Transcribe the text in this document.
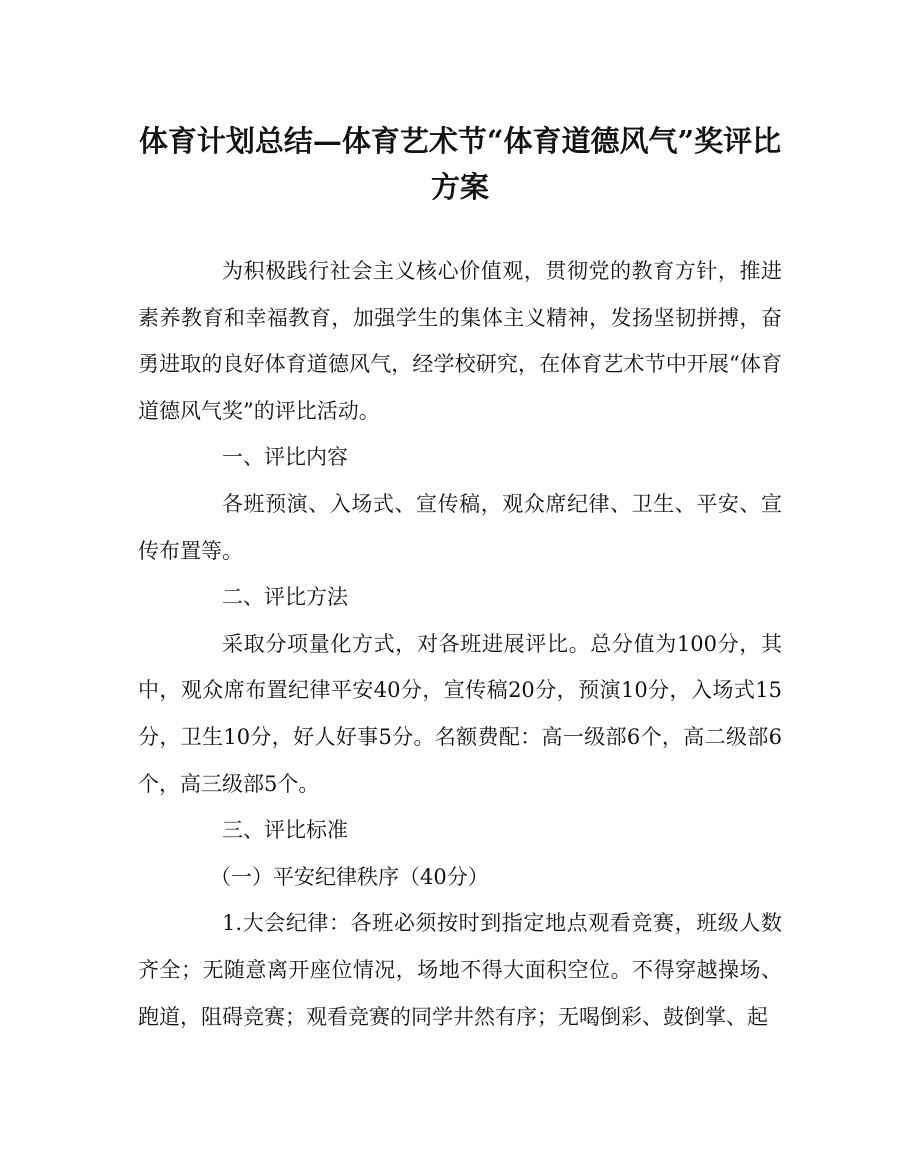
体育计划总结—体育艺术节“体育道德风气”奖评比方案

为积极践行社会主义核心价值观，贯彻党的教育方针，推进素养教育和幸福教育，加强学生的集体主义精神，发扬坚韧拼搏，奋勇进取的良好体育道德风气，经学校研究，在体育艺术节中开展“体育道德风气奖”的评比活动。

一、评比内容

各班预演、入场式、宣传稿，观众席纪律、卫生、平安、宣传布置等。

二、评比方法

采取分项量化方式，对各班进展评比。总分值为100分，其中，观众席布置纪律平安40分，宣传稿20分，预演10分，入场式15分，卫生10分，好人好事5分。名额费配：高一级部6个，高二级部6个，高三级部5个。

三、评比标准

（一）平安纪律秩序（40分）

1.大会纪律：各班必须按时到指定地点观看竞赛，班级人数齐全；无随意离开座位情况，场地不得大面积空位。不得穿越操场、跑道，阻碍竞赛；观看竞赛的同学井然有序；无喝倒彩、鼓倒掌、起
